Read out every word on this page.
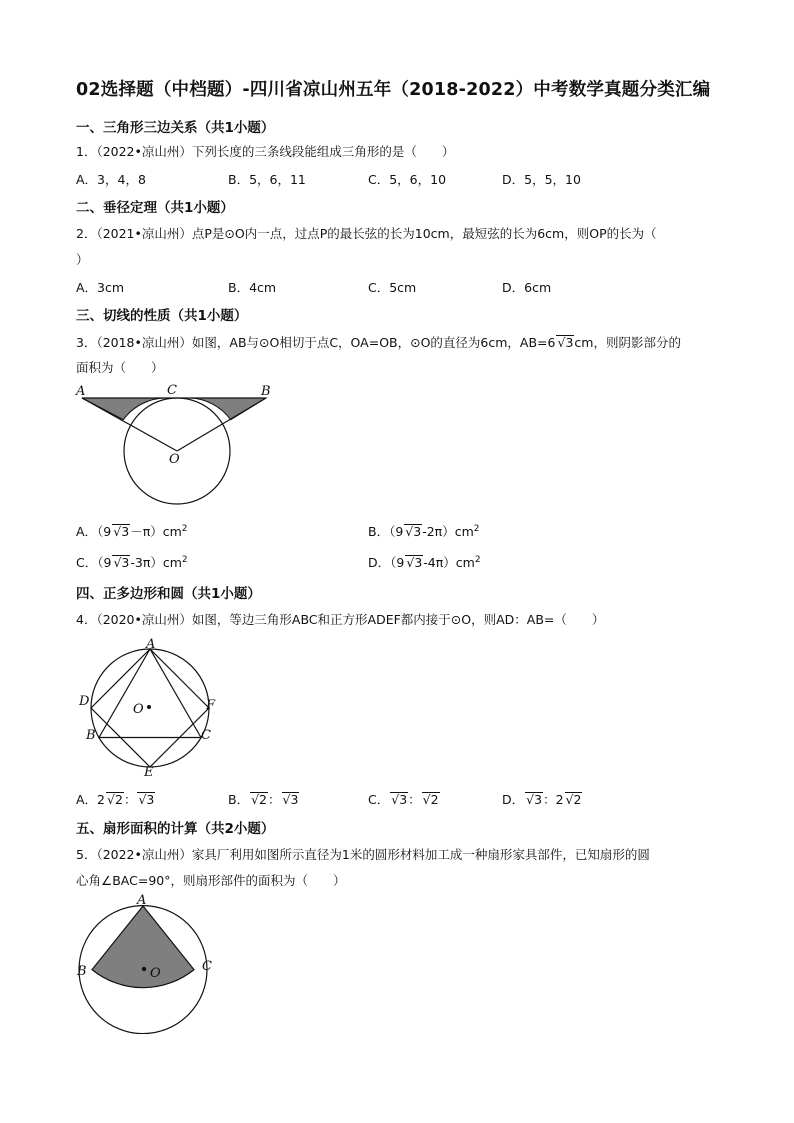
02选择题（中档题）-四川省凉山州五年（2018-2022）中考数学真题分类汇编
一、三角形三边关系（共1小题）
1．（2022•凉山州）下列长度的三条线段能组成三角形的是（　　）
A．3，4，8	B．5，6，11	C．5，6，10	D．5，5，10
二、垂径定理（共1小题）
2．（2021•凉山州）点P是⊙O内一点，过点P的最长弦的长为10cm，最短弦的长为6cm，则OP的长为（
）
A．3cm	B．4cm	C．5cm	D．6cm
三、切线的性质（共1小题）
3．（2018•凉山州）如图，AB与⊙O相切于点C，OA=OB，⊙O的直径为6cm，AB=6 √3cm，则阴影部分的
面积为（　　）
A	C	B
O
A．（9 $√3-\pi)cm^2$	B．（9 $√3-2\pi)cm^2$
C．（9 $√3-3\pi)cm^2$	D．（9 $√3-4\pi)cm^2$
四、正多边形和圆（共1小题）
4．（2020•凉山州）如图，等边三角形ABC和正方形ADEF都内接于⊙O，则AD：AB=（　　）
A
D	F
O
B	C
E
A．2 √2： √3	B． √2： √3	C． √3： √2	D． √3：2 √2
五、扇形面积的计算（共2小题）
5．（2022•凉山州）家具厂利用如图所示直径为1米的圆形材料加工成一种扇形家具部件，已知扇形的圆
心角∠BAC=90°，则扇形部件的面积为（　　）
A
B	C
O
